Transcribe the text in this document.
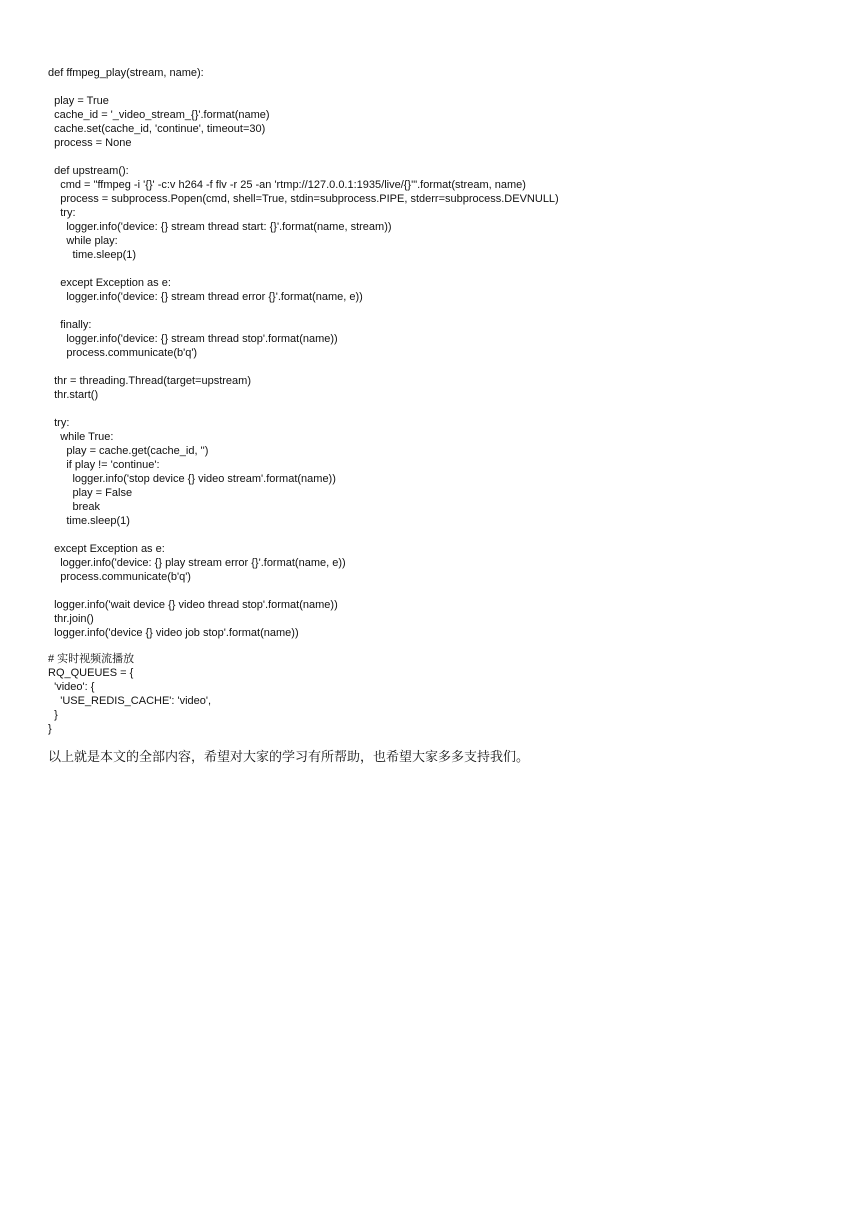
def ffmpeg_play(stream, name):
play = True
cache_id = '_video_stream_{}'.format(name)
cache.set(cache_id, 'continue', timeout=30)
process = None
def upstream():
cmd = "ffmpeg -i '{}' -c:v h264 -f flv -r 25 -an 'rtmp://127.0.0.1:1935/live/{}'".format(stream, name)
process = subprocess.Popen(cmd, shell=True, stdin=subprocess.PIPE, stderr=subprocess.DEVNULL)
try:
logger.info('device: {} stream thread start: {}'.format(name, stream))
while play:
time.sleep(1)
except Exception as e:
logger.info('device: {} stream thread error {}'.format(name, e))
finally:
logger.info('device: {} stream thread stop'.format(name))
process.communicate(b'q')
thr = threading.Thread(target=upstream)
thr.start()
try:
while True:
play = cache.get(cache_id, '')
if play != 'continue':
logger.info('stop device {} video stream'.format(name))
play = False
break
time.sleep(1)
except Exception as e:
logger.info('device: {} play stream error {}'.format(name, e))
process.communicate(b'q')
logger.info('wait device {} video thread stop'.format(name))
thr.join()
logger.info('device {} video job stop'.format(name))
# 实时视频流播放
RQ_QUEUES = {
'video': {
'USE_REDIS_CACHE': 'video',
}
}
以上就是本文的全部内容，希望对大家的学习有所帮助，也希望大家多多支持我们。
